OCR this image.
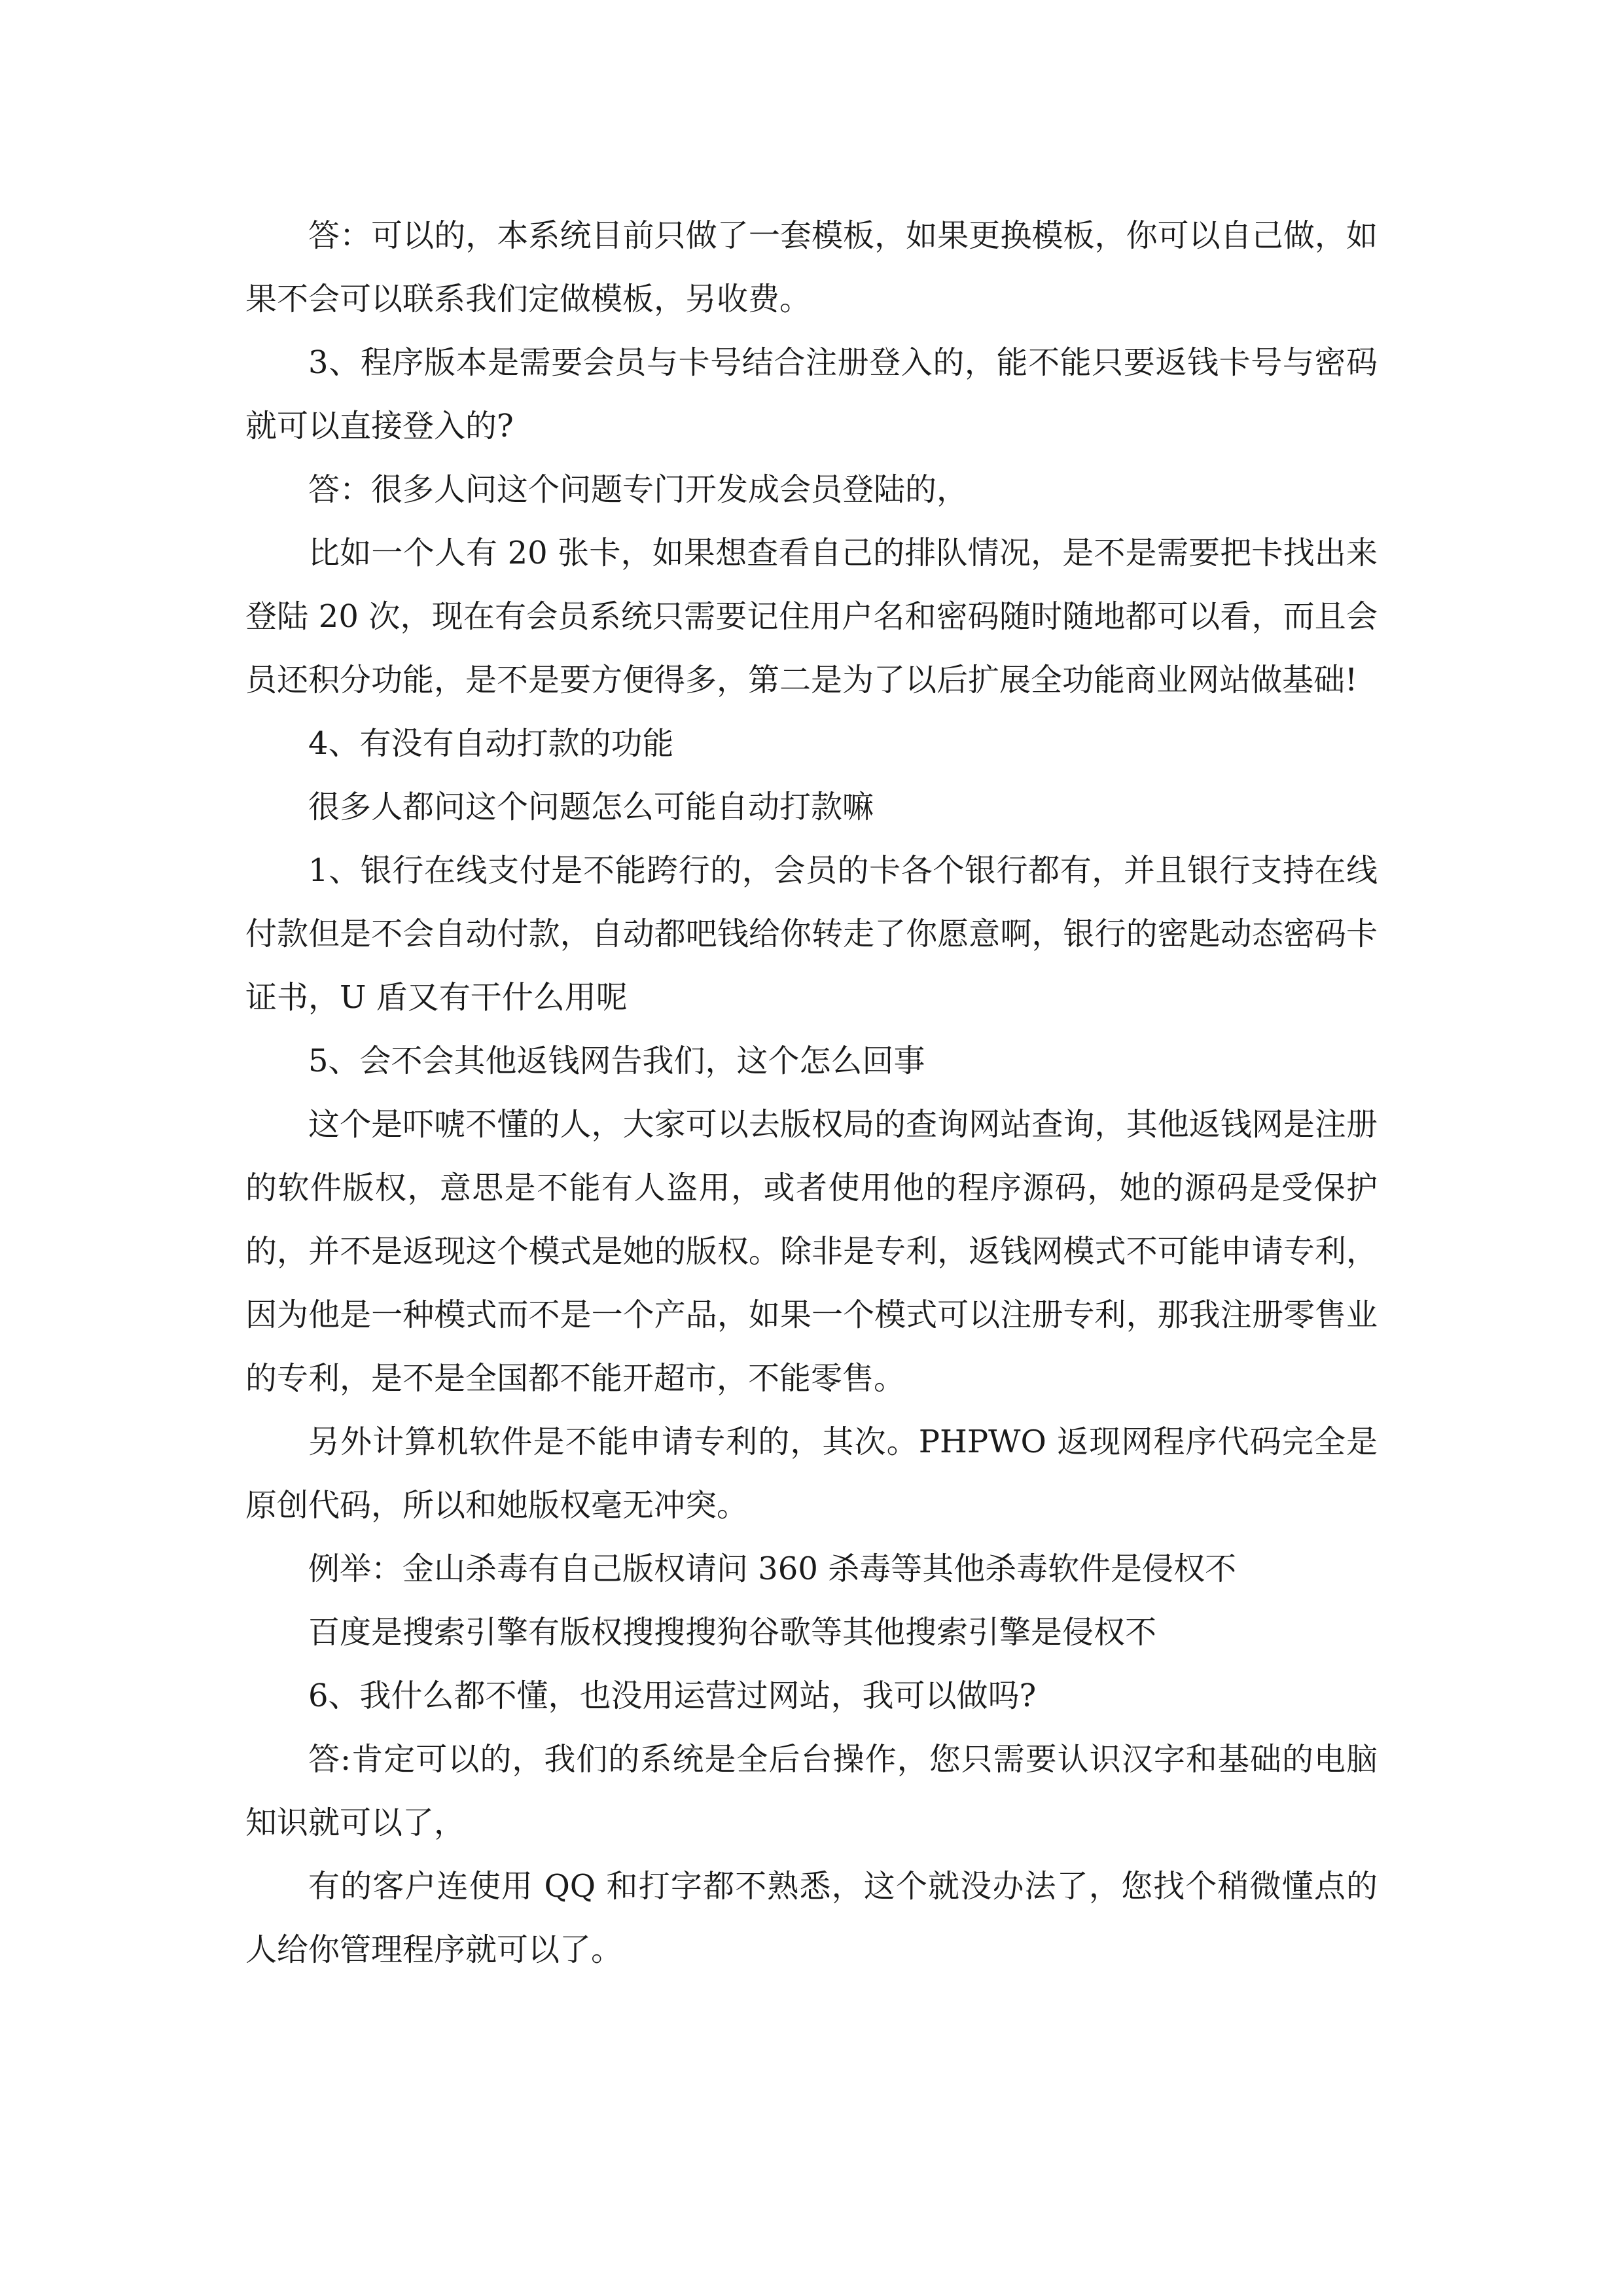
答：可以的，本系统目前只做了一套模板，如果更换模板，你可以自己做，如果不会可以联系我们定做模板，另收费。

3、程序版本是需要会员与卡号结合注册登入的，能不能只要返钱卡号与密码就可以直接登入的?

答：很多人问这个问题专门开发成会员登陆的，

比如一个人有 20 张卡，如果想查看自己的排队情况，是不是需要把卡找出来登陆 20 次，现在有会员系统只需要记住用户名和密码随时随地都可以看，而且会员还积分功能，是不是要方便得多，第二是为了以后扩展全功能商业网站做基础!

4、有没有自动打款的功能

很多人都问这个问题怎么可能自动打款嘛

1、银行在线支付是不能跨行的，会员的卡各个银行都有，并且银行支持在线付款但是不会自动付款，自动都吧钱给你转走了你愿意啊，银行的密匙动态密码卡证书，U 盾又有干什么用呢

5、会不会其他返钱网告我们，这个怎么回事

这个是吓唬不懂的人，大家可以去版权局的查询网站查询，其他返钱网是注册的软件版权，意思是不能有人盗用，或者使用他的程序源码，她的源码是受保护的，并不是返现这个模式是她的版权。除非是专利，返钱网模式不可能申请专利，因为他是一种模式而不是一个产品，如果一个模式可以注册专利，那我注册零售业的专利，是不是全国都不能开超市，不能零售。

另外计算机软件是不能申请专利的，其次。PHPWO 返现网程序代码完全是原创代码，所以和她版权毫无冲突。

例举：金山杀毒有自己版权请问 360 杀毒等其他杀毒软件是侵权不

百度是搜索引擎有版权搜搜搜狗谷歌等其他搜索引擎是侵权不

6、我什么都不懂，也没用运营过网站，我可以做吗?

答:肯定可以的，我们的系统是全后台操作，您只需要认识汉字和基础的电脑知识就可以了，

有的客户连使用 QQ 和打字都不熟悉，这个就没办法了，您找个稍微懂点的人给你管理程序就可以了。
